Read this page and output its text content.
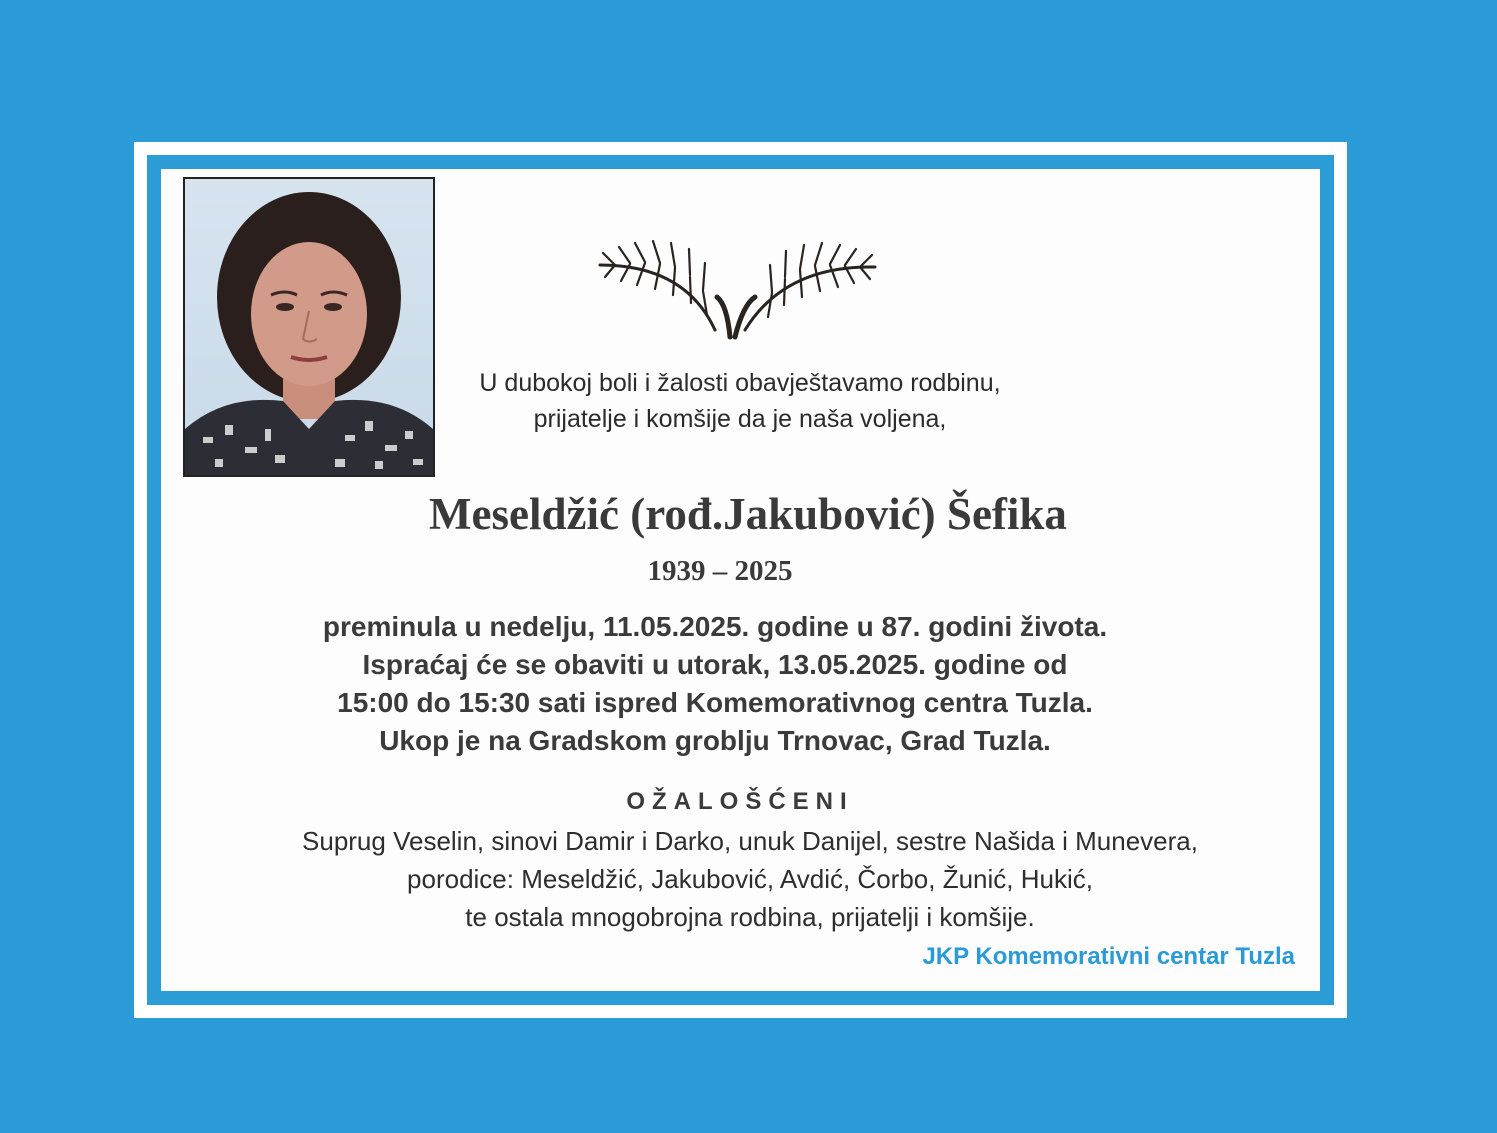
U dubokoj boli i žalosti obavještavamo rodbinu,
prijatelje i komšije da je naša voljena,
Meseldžić (rođ.Jakubović) Šefika
1939 – 2025
preminula u nedelju, 11.05.2025. godine u 87. godini života.
Ispraćaj će se obaviti u utorak, 13.05.2025. godine od
15:00 do 15:30 sati ispred Komemorativnog centra Tuzla.
Ukop je na Gradskom groblju Trnovac, Grad Tuzla.
OŽALOŠĆENI
Suprug Veselin, sinovi Damir i Darko, unuk Danijel, sestre Našida i Munevera,
porodice: Meseldžić, Jakubović, Avdić, Čorbo, Žunić, Hukić,
te ostala mnogobrojna rodbina, prijatelji i komšije.
JKP Komemorativni centar Tuzla
